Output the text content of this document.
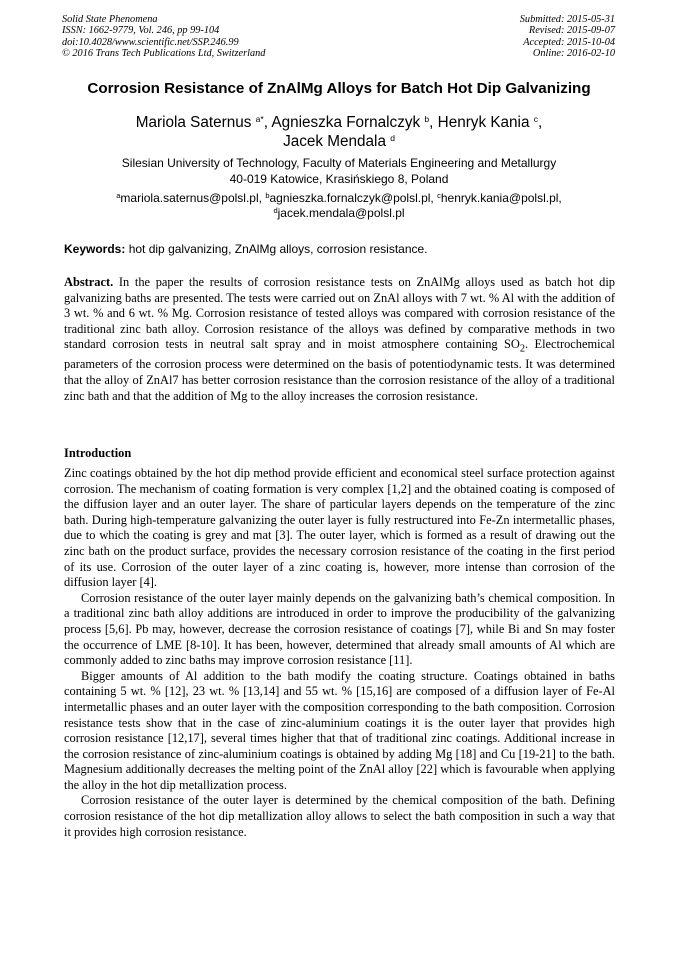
Solid State Phenomena
ISSN: 1662-9779, Vol. 246, pp 99-104
doi:10.4028/www.scientific.net/SSP.246.99
© 2016 Trans Tech Publications Ltd, Switzerland
Submitted: 2015-05-31
Revised: 2015-09-07
Accepted: 2015-10-04
Online: 2016-02-10
Corrosion Resistance of ZnAlMg Alloys for Batch Hot Dip Galvanizing
Mariola Saternus $^{a*}$, Agnieszka Fornalczyk $^b$, Henryk Kania $^c$,
Jacek Mendala $^d$
Silesian University of Technology, Faculty of Materials Engineering and Metallurgy
40-019 Katowice, Krasińskiego 8, Poland
$^a$mariola.saternus@polsl.pl, $^b$agnieszka.fornalczyk@polsl.pl, $^c$henryk.kania@polsl.pl,
$^d$jacek.mendala@polsl.pl
Keywords: hot dip galvanizing, ZnAlMg alloys, corrosion resistance.

Abstract. In the paper the results of corrosion resistance tests on ZnAlMg alloys used as batch hot dip galvanizing baths are presented. The tests were carried out on ZnAl alloys with 7 wt. % Al with the addition of 3 wt. % and 6 wt. % Mg. Corrosion resistance of tested alloys was compared with corrosion resistance of the traditional zinc bath alloy. Corrosion resistance of the alloys was defined by comparative methods in two standard corrosion tests in neutral salt spray and in moist atmosphere containing $SO_2$. Electrochemical parameters of the corrosion process were determined on the basis of potentiodynamic tests. It was determined that the alloy of ZnAl7 has better corrosion resistance than the corrosion resistance of the alloy of a traditional zinc bath and that the addition of Mg to the alloy increases the corrosion resistance.

Introduction

Zinc coatings obtained by the hot dip method provide efficient and economical steel surface protection against corrosion. The mechanism of coating formation is very complex [1,2] and the obtained coating is composed of the diffusion layer and an outer layer. The share of particular layers depends on the temperature of the zinc bath. During high-temperature galvanizing the outer layer is fully restructured into Fe-Zn intermetallic phases, due to which the coating is grey and mat [3]. The outer layer, which is formed as a result of drawing out the zinc bath on the product surface, provides the necessary corrosion resistance of the coating in the first period of its use. Corrosion of the outer layer of a zinc coating is, however, more intense than corrosion of the diffusion layer [4].

Corrosion resistance of the outer layer mainly depends on the galvanizing bath’s chemical composition. In a traditional zinc bath alloy additions are introduced in order to improve the producibility of the galvanizing process [5,6]. Pb may, however, decrease the corrosion resistance of coatings [7], while Bi and Sn may foster the occurrence of LME [8-10]. It has been, however, determined that already small amounts of Al which are commonly added to zinc baths may improve corrosion resistance [11].

Bigger amounts of Al addition to the bath modify the coating structure. Coatings obtained in baths containing 5 wt. % [12], 23 wt. % [13,14] and 55 wt. % [15,16] are composed of a diffusion layer of Fe-Al intermetallic phases and an outer layer with the composition corresponding to the bath composition. Corrosion resistance tests show that in the case of zinc-aluminium coatings it is the outer layer that provides high corrosion resistance [12,17], several times higher that that of traditional zinc coatings. Additional increase in the corrosion resistance of zinc-aluminium coatings is obtained by adding Mg [18] and Cu [19-21] to the bath. Magnesium additionally decreases the melting point of the ZnAl alloy [22] which is favourable when applying the alloy in the hot dip metallization process.

Corrosion resistance of the outer layer is determined by the chemical composition of the bath. Defining corrosion resistance of the hot dip metallization alloy allows to select the bath composition in such a way that it provides high corrosion resistance.
